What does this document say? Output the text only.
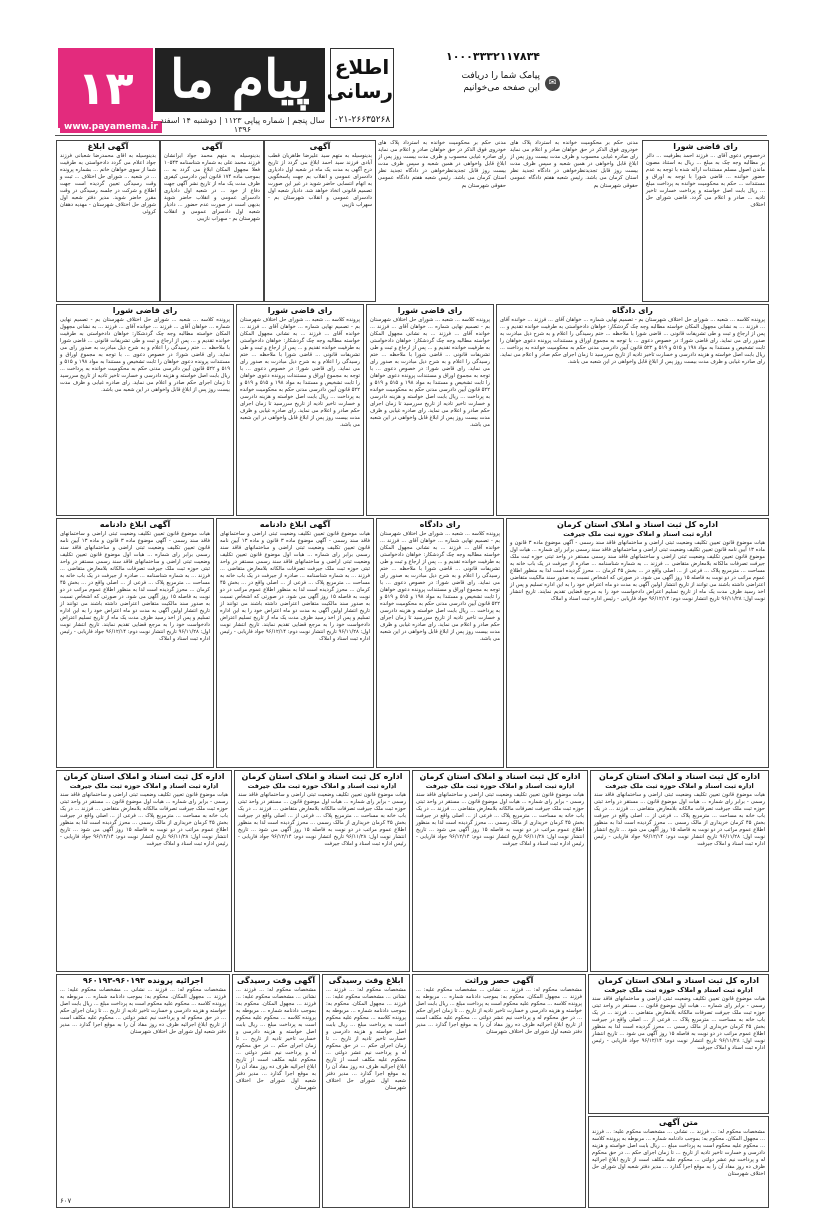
۱۳ پیام ما
www.payamema.ir
سال پنجم | شماره پیاپی ۱۱۲۳ | دوشنبه ۱۴ اسفند ۱۳۹۶
اطلاع
رسانی
۰۲۱-۲۶۶۳۵۲۶۸
۱۰۰۰۳۳۳۲۱۱۷۸۳۴
پیامک شما را دریافت
این صفحه می‌خوانیم ✉
آگهی ابلاغ
بدینوسیله به اقای محمدرضا شعبانی فرزند جواد اعلام می گردد دادخواستی به طرفیت شما از سوی خواهان خانم ... بشماره پرونده ... در شعبه ... شورای حل اختلاف ... ثبت و وقت رسیدگی تعیین گردیده است جهت اطلاع و شرکت در جلسه رسیدگی در وقت مقرر حاضر شوید. مدیر دفتر شعبه اول شورای حل اختلاف شهرستان - مهدیه دهقان کروئی
آگهی
بدینوسیله به متهم محمد جواد ایرانشان فرزند محمد علی به شماره شناسنامه ۱۰۵۴۳ فعلا مجهول المکان ابلاغ می گردد به ... بموجب ماده ۱۷۴ قانون آیین دادرسی کیفری ظرف مدت یک ماه از تاریخ نشر آگهی جهت دفاع از خود ... در شعبه اول دادیاری دادسرای عمومی و انقلاب حاضر شوید بدیهی است در صورت عدم حضور ... دادیار شعبه اول دادسرای عمومی و انقلاب شهرستان بم - سهراب نازیبی
آگهی
بدینوسیله به متهم سید علیرضا طاهریان قطب آبادی فرزند سید احمد ابلاغ می گردد از تاریخ درج آگهی به مدت یک ماه در شعبه اول دادیاری دادسرای عمومی و انقلاب بم جهت پاسخگویی به اتهام انتسابی حاضر شوید در غیر این صورت تصمیم قانونی اتخاذ خواهد شد. دادیار شعبه اول دادسرای عمومی و انقلاب شهرستان بم - سهراب نازیبی
مدنی حکم بر محکومیت خوانده به استرداد پلاک های خودروی فوق الذکر در حق خواهان صادر و اعلام می نماید رای صادره غیابی محسوب و ظرف مدت بیست روز پس از ابلاغ قابل واخواهی در همین شعبه و سپس ظرف مدت بیست روز قابل تجدیدنظرخواهی در دادگاه تجدید نظر استان کرمان می باشد. رئیس شعبه هفتم دادگاه عمومی حقوقی شهرستان بم
مدنی حکم بر محکومیت خوانده به استرداد پلاک های خودروی فوق الذکر در حق خواهان صادر و اعلام می نماید رای صادره غیابی محسوب و ظرف مدت بیست روز پس از ابلاغ قابل واخواهی در همین شعبه و سپس ظرف مدت بیست روز قابل تجدیدنظرخواهی در دادگاه تجدید نظر استان کرمان می باشد. رئیس شعبه هفتم دادگاه عمومی حقوقی شهرستان بم
رای قاضی شورا
درخصوص دعوی آقای ... فرزند احمد بطرفیت ... دائر بر مطالبه وجه چک به مبلغ ... ریال به استناد مصون ماندن اصول مسلم مستندات ارائه شده با توجه به عدم حضور خوانده ... قاضی شورا با توجه به اوراق و مستندات ... حکم به محکومیت خوانده به پرداخت مبلغ ... ریال بابت اصل خواسته و پرداخت خسارت تاخیر تادیه ... صادر و اعلام می گردد. قاضی شورای حل اختلاف
رای قاضی شورا
پرونده کلاسه ... شعبه ... شورای حل اختلاف شهرستان بم - تصمیم نهایی شماره ... خواهان آقای ... فرزند ... خوانده آقای ... فرزند ... به نشانی مجهول المکان خواسته مطالبه وجه چک گردشکار: خواهان دادخواستی به طرفیت خوانده تقدیم و ... پس از ارجاع و ثبت و طی تشریفات قانونی ... قاضی شورا با ملاحظه ... ختم رسیدگی را اعلام و به شرح ذیل مبادرت به صدور رای می نماید. رای قاضی شورا: در خصوص دعوی ... با توجه به مجموع اوراق و مستندات پرونده دعوی خواهان را ثابت تشخیص و مستندا به مواد ۱۹۸ و ۵۱۵ و ۵۱۹ و ۵۲۲ قانون آیین دادرسی مدنی حکم به محکومیت خوانده به پرداخت ... ریال بابت اصل خواسته و هزینه دادرسی و خسارت تاخیر تادیه از تاریخ سررسید تا زمان اجرای حکم صادر و اعلام می نماید. رای صادره غیابی و ظرف مدت بیست روز پس از ابلاغ قابل واخواهی در این شعبه می باشد.
رای قاضی شورا
پرونده کلاسه ... شعبه ... شورای حل اختلاف شهرستان بم - تصمیم نهایی شماره ... خواهان آقای ... فرزند ... خوانده آقای ... فرزند ... به نشانی مجهول المکان خواسته مطالبه وجه چک گردشکار: خواهان دادخواستی به طرفیت خوانده تقدیم و ... پس از ارجاع و ثبت و طی تشریفات قانونی ... قاضی شورا با ملاحظه ... ختم رسیدگی را اعلام و به شرح ذیل مبادرت به صدور رای می نماید. رای قاضی شورا: در خصوص دعوی ... با توجه به مجموع اوراق و مستندات پرونده دعوی خواهان را ثابت تشخیص و مستندا به مواد ۱۹۸ و ۵۱۵ و ۵۱۹ و ۵۲۲ قانون آیین دادرسی مدنی حکم به محکومیت خوانده به پرداخت ... ریال بابت اصل خواسته و هزینه دادرسی و خسارت تاخیر تادیه از تاریخ سررسید تا زمان اجرای حکم صادر و اعلام می نماید. رای صادره غیابی و ظرف مدت بیست روز پس از ابلاغ قابل واخواهی در این شعبه می باشد.
رای قاضی شورا
پرونده کلاسه ... شعبه ... شورای حل اختلاف شهرستان بم - تصمیم نهایی شماره ... خواهان آقای ... فرزند ... خوانده آقای ... فرزند ... به نشانی مجهول المکان خواسته مطالبه وجه چک گردشکار: خواهان دادخواستی به طرفیت خوانده تقدیم و ... پس از ارجاع و ثبت و طی تشریفات قانونی ... قاضی شورا با ملاحظه ... ختم رسیدگی را اعلام و به شرح ذیل مبادرت به صدور رای می نماید. رای قاضی شورا: در خصوص دعوی ... با توجه به مجموع اوراق و مستندات پرونده دعوی خواهان را ثابت تشخیص و مستندا به مواد ۱۹۸ و ۵۱۵ و ۵۱۹ و ۵۲۲ قانون آیین دادرسی مدنی حکم به محکومیت خوانده به پرداخت ... ریال بابت اصل خواسته و هزینه دادرسی و خسارت تاخیر تادیه از تاریخ سررسید تا زمان اجرای حکم صادر و اعلام می نماید. رای صادره غیابی و ظرف مدت بیست روز پس از ابلاغ قابل واخواهی در این شعبه می باشد.
رای دادگاه
پرونده کلاسه ... شعبه ... شورای حل اختلاف شهرستان بم - تصمیم نهایی شماره ... خواهان آقای ... فرزند ... خوانده آقای ... فرزند ... به نشانی مجهول المکان خواسته مطالبه وجه چک گردشکار: خواهان دادخواستی به طرفیت خوانده تقدیم و ... پس از ارجاع و ثبت و طی تشریفات قانونی ... قاضی شورا با ملاحظه ... ختم رسیدگی را اعلام و به شرح ذیل مبادرت به صدور رای می نماید. رای قاضی شورا: در خصوص دعوی ... با توجه به مجموع اوراق و مستندات پرونده دعوی خواهان را ثابت تشخیص و مستندا به مواد ۱۹۸ و ۵۱۵ و ۵۱۹ و ۵۲۲ قانون آیین دادرسی مدنی حکم به محکومیت خوانده به پرداخت ... ریال بابت اصل خواسته و هزینه دادرسی و خسارت تاخیر تادیه از تاریخ سررسید تا زمان اجرای حکم صادر و اعلام می نماید. رای صادره غیابی و ظرف مدت بیست روز پس از ابلاغ قابل واخواهی در این شعبه می باشد.
آگهی ابلاغ دادنامه
هیات موضوع قانون تعیین تکلیف وضعیت ثبتی اراضی و ساختمانهای فاقد سند رسمی - آگهی موضوع ماده ۳ قانون و ماده ۱۳ آیین نامه قانون تعیین تکلیف وضعیت ثبتی اراضی و ساختمانهای فاقد سند رسمی برابر رای شماره ... هیات اول موضوع قانون تعیین تکلیف وضعیت ثبتی اراضی و ساختمانهای فاقد سند رسمی مستقر در واحد ثبتی حوزه ثبت ملک جیرفت تصرفات مالکانه بلامعارض متقاضی ... فرزند ... به شماره شناسنامه ... صادره از جیرفت در یک باب خانه به مساحت ... مترمربع پلاک ... فرعی از ... اصلی واقع در ... بخش ۴۵ کرمان ... محرز گردیده است لذا به منظور اطلاع عموم مراتب در دو نوبت به فاصله ۱۵ روز آگهی می شود. در صورتی که اشخاص نسبت به صدور سند مالکیت متقاضی اعتراضی داشته باشند می توانند از تاریخ انتشار اولین آگهی به مدت دو ماه اعتراض خود را به این اداره تسلیم و پس از اخذ رسید ظرف مدت یک ماه از تاریخ تسلیم اعتراض دادخواست خود را به مرجع قضایی تقدیم نمایند. تاریخ انتشار نوبت اول: ۹۶/۱۱/۲۸ تاریخ انتشار نوبت دوم: ۹۶/۱۲/۱۴ جواد فاریابی - رئیس اداره ثبت اسناد و املاک
آگهی ابلاغ دادنامه
هیات موضوع قانون تعیین تکلیف وضعیت ثبتی اراضی و ساختمانهای فاقد سند رسمی - آگهی موضوع ماده ۳ قانون و ماده ۱۳ آیین نامه قانون تعیین تکلیف وضعیت ثبتی اراضی و ساختمانهای فاقد سند رسمی برابر رای شماره ... هیات اول موضوع قانون تعیین تکلیف وضعیت ثبتی اراضی و ساختمانهای فاقد سند رسمی مستقر در واحد ثبتی حوزه ثبت ملک جیرفت تصرفات مالکانه بلامعارض متقاضی ... فرزند ... به شماره شناسنامه ... صادره از جیرفت در یک باب خانه به مساحت ... مترمربع پلاک ... فرعی از ... اصلی واقع در ... بخش ۴۵ کرمان ... محرز گردیده است لذا به منظور اطلاع عموم مراتب در دو نوبت به فاصله ۱۵ روز آگهی می شود. در صورتی که اشخاص نسبت به صدور سند مالکیت متقاضی اعتراضی داشته باشند می توانند از تاریخ انتشار اولین آگهی به مدت دو ماه اعتراض خود را به این اداره تسلیم و پس از اخذ رسید ظرف مدت یک ماه از تاریخ تسلیم اعتراض دادخواست خود را به مرجع قضایی تقدیم نمایند. تاریخ انتشار نوبت اول: ۹۶/۱۱/۲۸ تاریخ انتشار نوبت دوم: ۹۶/۱۲/۱۴ جواد فاریابی - رئیس اداره ثبت اسناد و املاک
رای دادگاه
پرونده کلاسه ... شعبه ... شورای حل اختلاف شهرستان بم - تصمیم نهایی شماره ... خواهان آقای ... فرزند ... خوانده آقای ... فرزند ... به نشانی مجهول المکان خواسته مطالبه وجه چک گردشکار: خواهان دادخواستی به طرفیت خوانده تقدیم و ... پس از ارجاع و ثبت و طی تشریفات قانونی ... قاضی شورا با ملاحظه ... ختم رسیدگی را اعلام و به شرح ذیل مبادرت به صدور رای می نماید. رای قاضی شورا: در خصوص دعوی ... با توجه به مجموع اوراق و مستندات پرونده دعوی خواهان را ثابت تشخیص و مستندا به مواد ۱۹۸ و ۵۱۵ و ۵۱۹ و ۵۲۲ قانون آیین دادرسی مدنی حکم به محکومیت خوانده به پرداخت ... ریال بابت اصل خواسته و هزینه دادرسی و خسارت تاخیر تادیه از تاریخ سررسید تا زمان اجرای حکم صادر و اعلام می نماید. رای صادره غیابی و ظرف مدت بیست روز پس از ابلاغ قابل واخواهی در این شعبه می باشد.
اداره کل ثبت اسناد و املاک استان کرمان
اداره ثبت اسناد و املاک حوزه ثبت ملک جیرفت
هیات موضوع قانون تعیین تکلیف وضعیت ثبتی اراضی و ساختمانهای فاقد سند رسمی - آگهی موضوع ماده ۳ قانون و ماده ۱۳ آیین نامه قانون تعیین تکلیف وضعیت ثبتی اراضی و ساختمانهای فاقد سند رسمی برابر رای شماره ... هیات اول موضوع قانون تعیین تکلیف وضعیت ثبتی اراضی و ساختمانهای فاقد سند رسمی مستقر در واحد ثبتی حوزه ثبت ملک جیرفت تصرفات مالکانه بلامعارض متقاضی ... فرزند ... به شماره شناسنامه ... صادره از جیرفت در یک باب خانه به مساحت ... مترمربع پلاک ... فرعی از ... اصلی واقع در ... بخش ۴۵ کرمان ... محرز گردیده است لذا به منظور اطلاع عموم مراتب در دو نوبت به فاصله ۱۵ روز آگهی می شود. در صورتی که اشخاص نسبت به صدور سند مالکیت متقاضی اعتراضی داشته باشند می توانند از تاریخ انتشار اولین آگهی به مدت دو ماه اعتراض خود را به این اداره تسلیم و پس از اخذ رسید ظرف مدت یک ماه از تاریخ تسلیم اعتراض دادخواست خود را به مرجع قضایی تقدیم نمایند. تاریخ انتشار نوبت اول: ۹۶/۱۱/۲۸ تاریخ انتشار نوبت دوم: ۹۶/۱۲/۱۴ جواد فاریابی - رئیس اداره ثبت اسناد و املاک
اداره کل ثبت اسناد و املاک استان کرمان
اداره ثبت اسناد و املاک حوزه ثبت ملک جیرفت
هیات موضوع قانون تعیین تکلیف وضعیت ثبتی اراضی و ساختمانهای فاقد سند رسمی - برابر رای شماره ... هیات اول موضوع قانون ... مستقر در واحد ثبتی حوزه ثبت ملک جیرفت تصرفات مالکانه بلامعارض متقاضی ... فرزند ... در یک باب خانه به مساحت ... مترمربع پلاک ... فرعی از ... اصلی واقع در جیرفت بخش ۴۵ کرمان خریداری از مالک رسمی ... محرز گردیده است لذا به منظور اطلاع عموم مراتب در دو نوبت به فاصله ۱۵ روز آگهی می شود ... تاریخ انتشار نوبت اول: ۹۶/۱۱/۲۸ تاریخ انتشار نوبت دوم: ۹۶/۱۲/۱۴ جواد فاریابی - رئیس اداره ثبت اسناد و املاک جیرفت
اداره کل ثبت اسناد و املاک استان کرمان
اداره ثبت اسناد و املاک حوزه ثبت ملک جیرفت
هیات موضوع قانون تعیین تکلیف وضعیت ثبتی اراضی و ساختمانهای فاقد سند رسمی - برابر رای شماره ... هیات اول موضوع قانون ... مستقر در واحد ثبتی حوزه ثبت ملک جیرفت تصرفات مالکانه بلامعارض متقاضی ... فرزند ... در یک باب خانه به مساحت ... مترمربع پلاک ... فرعی از ... اصلی واقع در جیرفت بخش ۴۵ کرمان خریداری از مالک رسمی ... محرز گردیده است لذا به منظور اطلاع عموم مراتب در دو نوبت به فاصله ۱۵ روز آگهی می شود ... تاریخ انتشار نوبت اول: ۹۶/۱۱/۲۸ تاریخ انتشار نوبت دوم: ۹۶/۱۲/۱۴ جواد فاریابی - رئیس اداره ثبت اسناد و املاک جیرفت
اداره کل ثبت اسناد و املاک استان کرمان
اداره ثبت اسناد و املاک حوزه ثبت ملک جیرفت
هیات موضوع قانون تعیین تکلیف وضعیت ثبتی اراضی و ساختمانهای فاقد سند رسمی - برابر رای شماره ... هیات اول موضوع قانون ... مستقر در واحد ثبتی حوزه ثبت ملک جیرفت تصرفات مالکانه بلامعارض متقاضی ... فرزند ... در یک باب خانه به مساحت ... مترمربع پلاک ... فرعی از ... اصلی واقع در جیرفت بخش ۴۵ کرمان خریداری از مالک رسمی ... محرز گردیده است لذا به منظور اطلاع عموم مراتب در دو نوبت به فاصله ۱۵ روز آگهی می شود ... تاریخ انتشار نوبت اول: ۹۶/۱۱/۲۸ تاریخ انتشار نوبت دوم: ۹۶/۱۲/۱۴ جواد فاریابی - رئیس اداره ثبت اسناد و املاک جیرفت
اداره کل ثبت اسناد و املاک استان کرمان
اداره ثبت اسناد و املاک حوزه ثبت ملک جیرفت
هیات موضوع قانون تعیین تکلیف وضعیت ثبتی اراضی و ساختمانهای فاقد سند رسمی - برابر رای شماره ... هیات اول موضوع قانون ... مستقر در واحد ثبتی حوزه ثبت ملک جیرفت تصرفات مالکانه بلامعارض متقاضی ... فرزند ... در یک باب خانه به مساحت ... مترمربع پلاک ... فرعی از ... اصلی واقع در جیرفت بخش ۴۵ کرمان خریداری از مالک رسمی ... محرز گردیده است لذا به منظور اطلاع عموم مراتب در دو نوبت به فاصله ۱۵ روز آگهی می شود ... تاریخ انتشار نوبت اول: ۹۶/۱۱/۲۸ تاریخ انتشار نوبت دوم: ۹۶/۱۲/۱۴ جواد فاریابی - رئیس اداره ثبت اسناد و املاک جیرفت
اجرائیه پرونده ۹۶۰۱۹۳-۹۶۰۱۹۳
مشخصات محکوم له: ... فرزند ... نشانی ... مشخصات محکوم علیه: ... فرزند ... مجهول المکان. محکوم به: بموجب دادنامه شماره ... مربوطه به پرونده کلاسه ... محکوم علیه محکوم است به پرداخت مبلغ ... ریال بابت اصل خواسته و هزینه دادرسی و خسارت تاخیر تادیه از تاریخ ... تا زمان اجرای حکم ... در حق محکوم له و پرداخت نیم عشر دولتی ... محکوم علیه مکلف است از تاریخ ابلاغ اجرائیه ظرف ده روز مفاد آن را به موقع اجرا گذارد ... مدیر دفتر شعبه اول شورای حل اختلاف شهرستان
۶۰۷
آگهی وقت رسیدگی
مشخصات محکوم له: ... فرزند ... نشانی ... مشخصات محکوم علیه: ... فرزند ... مجهول المکان. محکوم به: بموجب دادنامه شماره ... مربوطه به پرونده کلاسه ... محکوم علیه محکوم است به پرداخت مبلغ ... ریال بابت اصل خواسته و هزینه دادرسی و خسارت تاخیر تادیه از تاریخ ... تا زمان اجرای حکم ... در حق محکوم له و پرداخت نیم عشر دولتی ... محکوم علیه مکلف است از تاریخ ابلاغ اجرائیه ظرف ده روز مفاد آن را به موقع اجرا گذارد ... مدیر دفتر شعبه اول شورای حل اختلاف شهرستان
ابلاغ وقت رسیدگی
مشخصات محکوم له: ... فرزند ... نشانی ... مشخصات محکوم علیه: ... فرزند ... مجهول المکان. محکوم به: بموجب دادنامه شماره ... مربوطه به پرونده کلاسه ... محکوم علیه محکوم است به پرداخت مبلغ ... ریال بابت اصل خواسته و هزینه دادرسی و خسارت تاخیر تادیه از تاریخ ... تا زمان اجرای حکم ... در حق محکوم له و پرداخت نیم عشر دولتی ... محکوم علیه مکلف است از تاریخ ابلاغ اجرائیه ظرف ده روز مفاد آن را به موقع اجرا گذارد ... مدیر دفتر شعبه اول شورای حل اختلاف شهرستان
آگهی حصر وراثت
مشخصات محکوم له: ... فرزند ... نشانی ... مشخصات محکوم علیه: ... فرزند ... مجهول المکان. محکوم به: بموجب دادنامه شماره ... مربوطه به پرونده کلاسه ... محکوم علیه محکوم است به پرداخت مبلغ ... ریال بابت اصل خواسته و هزینه دادرسی و خسارت تاخیر تادیه از تاریخ ... تا زمان اجرای حکم ... در حق محکوم له و پرداخت نیم عشر دولتی ... محکوم علیه مکلف است از تاریخ ابلاغ اجرائیه ظرف ده روز مفاد آن را به موقع اجرا گذارد ... مدیر دفتر شعبه اول شورای حل اختلاف شهرستان
اداره کل ثبت اسناد و املاک استان کرمان
اداره ثبت اسناد و املاک حوزه ثبت ملک جیرفت
هیات موضوع قانون تعیین تکلیف وضعیت ثبتی اراضی و ساختمانهای فاقد سند رسمی - برابر رای شماره ... هیات اول موضوع قانون ... مستقر در واحد ثبتی حوزه ثبت ملک جیرفت تصرفات مالکانه بلامعارض متقاضی ... فرزند ... در یک باب خانه به مساحت ... مترمربع پلاک ... فرعی از ... اصلی واقع در جیرفت بخش ۴۵ کرمان خریداری از مالک رسمی ... محرز گردیده است لذا به منظور اطلاع عموم مراتب در دو نوبت به فاصله ۱۵ روز آگهی می شود ... تاریخ انتشار نوبت اول: ۹۶/۱۱/۲۸ تاریخ انتشار نوبت دوم: ۹۶/۱۲/۱۴ جواد فاریابی - رئیس اداره ثبت اسناد و املاک جیرفت
متن آگهی
مشخصات محکوم له: ... فرزند ... نشانی ... مشخصات محکوم علیه: ... فرزند ... مجهول المکان. محکوم به: بموجب دادنامه شماره ... مربوطه به پرونده کلاسه ... محکوم علیه محکوم است به پرداخت مبلغ ... ریال بابت اصل خواسته و هزینه دادرسی و خسارت تاخیر تادیه از تاریخ ... تا زمان اجرای حکم ... در حق محکوم له و پرداخت نیم عشر دولتی ... محکوم علیه مکلف است از تاریخ ابلاغ اجرائیه ظرف ده روز مفاد آن را به موقع اجرا گذارد ... مدیر دفتر شعبه اول شورای حل اختلاف شهرستان
